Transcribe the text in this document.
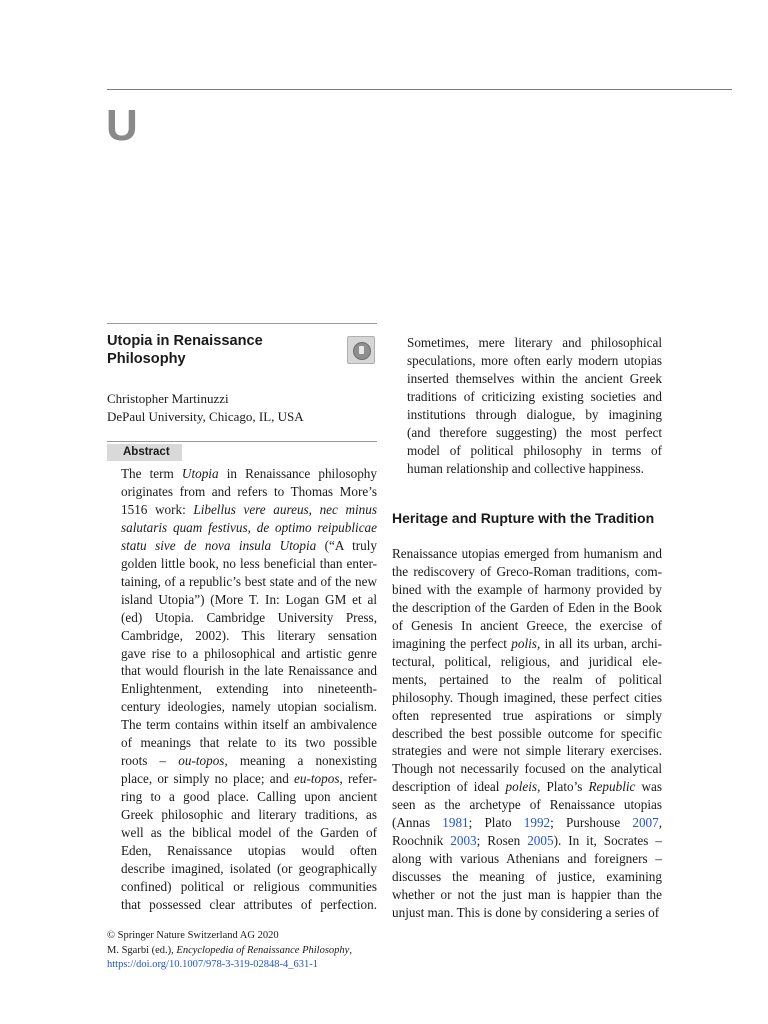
U
Utopia in Renaissance
Philosophy
Christopher Martinuzzi
DePaul University, Chicago, IL, USA
Abstract
The term Utopia in Renaissance philosophy
originates from and refers to Thomas More’s
1516 work: Libellus vere aureus, nec minus
salutaris quam festivus, de optimo reipublicae
statu sive de nova insula Utopia (“A truly
golden little book, no less beneficial than enter-
taining, of a republic’s best state and of the new
island Utopia”) (More T. In: Logan GM et al
(ed) Utopia. Cambridge University Press,
Cambridge, 2002). This literary sensation
gave rise to a philosophical and artistic genre
that would flourish in the late Renaissance and
Enlightenment, extending into nineteenth-
century ideologies, namely utopian socialism.
The term contains within itself an ambivalence
of meanings that relate to its two possible
roots – ou-topos, meaning a nonexisting
place, or simply no place; and eu-topos, refer-
ring to a good place. Calling upon ancient
Greek philosophic and literary traditions, as
well as the biblical model of the Garden of
Eden, Renaissance utopias would often
describe imagined, isolated (or geographically
confined) political or religious communities
that possessed clear attributes of perfection.
© Springer Nature Switzerland AG 2020
M. Sgarbi (ed.), Encyclopedia of Renaissance Philosophy,
https://doi.org/10.1007/978-3-319-02848-4_631-1
Sometimes, mere literary and philosophical
speculations, more often early modern utopias
inserted themselves within the ancient Greek
traditions of criticizing existing societies and
institutions through dialogue, by imagining
(and therefore suggesting) the most perfect
model of political philosophy in terms of
human relationship and collective happiness.
Heritage and Rupture with the Tradition
Renaissance utopias emerged from humanism and
the rediscovery of Greco-Roman traditions, com-
bined with the example of harmony provided by
the description of the Garden of Eden in the Book
of Genesis In ancient Greece, the exercise of
imagining the perfect polis, in all its urban, archi-
tectural, political, religious, and juridical ele-
ments, pertained to the realm of political
philosophy. Though imagined, these perfect cities
often represented true aspirations or simply
described the best possible outcome for specific
strategies and were not simple literary exercises.
Though not necessarily focused on the analytical
description of ideal poleis, Plato’s Republic was
seen as the archetype of Renaissance utopias
(Annas 1981; Plato 1992; Purshouse 2007,
Roochnik 2003; Rosen 2005). In it, Socrates –
along with various Athenians and foreigners –
discusses the meaning of justice, examining
whether or not the just man is happier than the
unjust man. This is done by considering a series of
